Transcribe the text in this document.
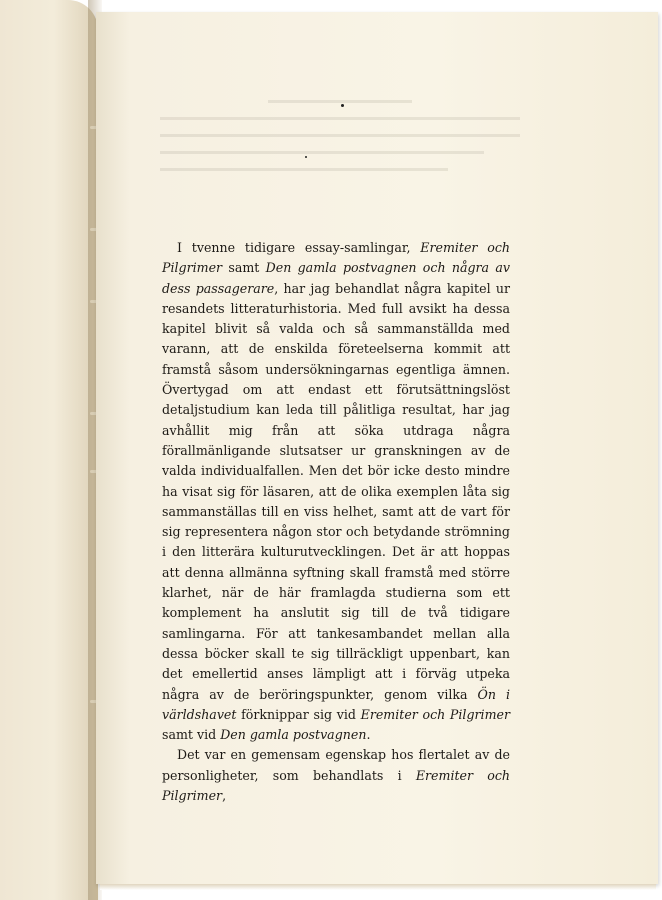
I tvenne tidigare essay-samlingar, Eremiter och Pilgrimer samt Den gamla postvagnen och några av dess passagerare, har jag behandlat några kapitel ur resandets litteraturhistoria. Med full avsikt ha dessa kapitel blivit så valda och så sammanställda med varann, att de enskilda företeelserna kommit att framstå såsom undersökningarnas egentliga ämnen. Övertygad om att endast ett förutsättningslöst detaljstudium kan leda till pålitliga resultat, har jag avhållit mig från att söka utdraga några förallmänligande slutsatser ur granskningen av de valda individualfallen. Men det bör icke desto mindre ha visat sig för läsaren, att de olika exemplen låta sig sammanställas till en viss helhet, samt att de vart för sig representera någon stor och betydande strömning i den litterära kulturutvecklingen. Det är att hoppas att denna allmänna syftning skall framstå med större klarhet, när de här framlagda studierna som ett komplement ha anslutit sig till de två tidigare samlingarna. För att tankesambandet mellan alla dessa böcker skall te sig tillräckligt uppenbart, kan det emellertid anses lämpligt att i förväg utpeka några av de beröringspunkter, genom vilka Ön i världshavet förknippar sig vid Eremiter och Pilgrimer samt vid Den gamla postvagnen.

Det var en gemensam egenskap hos flertalet av de personligheter, som behandlats i Eremiter och Pilgrimer,
